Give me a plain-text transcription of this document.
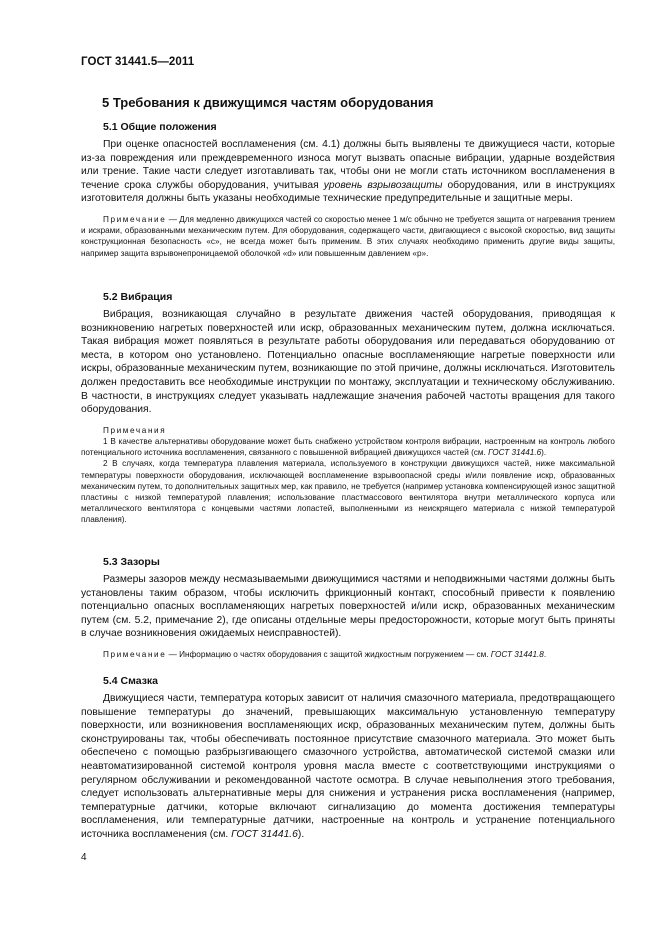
ГОСТ 31441.5—2011
5 Требования к движущимся частям оборудования
5.1 Общие положения

При оценке опасностей воспламенения (см. 4.1) должны быть выявлены те движущиеся части, которые из-за повреждения или преждевременного износа могут вызвать опасные вибрации, ударные воздействия или трение. Такие части следует изготавливать так, чтобы они не могли стать источником воспламенения в течение срока службы оборудования, учитывая уровень взрывозащиты оборудования, или в инструкциях изготовителя должны быть указаны необходимые технические предупредительные и защитные меры.

Примечание — Для медленно движущихся частей со скоростью менее 1 м/с обычно не требуется защита от нагревания трением и искрами, образованными механическим путем. Для оборудования, содержащего части, двигающиеся с высокой скоростью, вид защиты конструкционная безопасность «с», не всегда может быть применим. В этих случаях необходимо применить другие виды защиты, например защита взрывонепроницаемой оболочкой «d» или повышенным давлением «p».

5.2 Вибрация

Вибрация, возникающая случайно в результате движения частей оборудования, приводящая к возникновению нагретых поверхностей или искр, образованных механическим путем, должна исключаться. Такая вибрация может появляться в результате работы оборудования или передаваться оборудованию от места, в котором оно установлено. Потенциально опасные воспламеняющие нагретые поверхности или искры, образованные механическим путем, возникающие по этой причине, должны исключаться. Изготовитель должен предоставить все необходимые инструкции по монтажу, эксплуатации и техническому обслуживанию. В частности, в инструкциях следует указывать надлежащие значения рабочей частоты вращения для такого оборудования.

Примечания

1 В качестве альтернативы оборудование может быть снабжено устройством контроля вибрации, настроенным на контроль любого потенциального источника воспламенения, связанного с повышенной вибрацией движущихся частей (см. ГОСТ 31441.6).

2 В случаях, когда температура плавления материала, используемого в конструкции движущихся частей, ниже максимальной температуры поверхности оборудования, исключающей воспламенение взрывоопасной среды и/или появление искр, образованных механическим путем, то дополнительных защитных мер, как правило, не требуется (например установка компенсирующей износ защитной пластины с низкой температурой плавления; использование пластмассового вентилятора внутри металлического корпуса или металлического вентилятора с концевыми частями лопастей, выполненными из неискрящего материала с низкой температурой плавления).

5.3 Зазоры

Размеры зазоров между несмазываемыми движущимися частями и неподвижными частями должны быть установлены таким образом, чтобы исключить фрикционный контакт, способный привести к появлению потенциально опасных воспламеняющих нагретых поверхностей и/или искр, образованных механическим путем (см. 5.2, примечание 2), где описаны отдельные меры предосторожности, которые могут быть приняты в случае возникновения ожидаемых неисправностей).

Примечание — Информацию о частях оборудования с защитой жидкостным погружением — см. ГОСТ 31441.8.

5.4 Смазка

Движущиеся части, температура которых зависит от наличия смазочного материала, предотвращающего повышение температуры до значений, превышающих максимальную установленную температуру поверхности, или возникновения воспламеняющих искр, образованных механическим путем, должны быть сконструированы так, чтобы обеспечивать постоянное присутствие смазочного материала. Это может быть обеспечено с помощью разбрызгивающего смазочного устройства, автоматической системой смазки или неавтоматизированной системой контроля уровня масла вместе с соответствующими инструкциями о регулярном обслуживании и рекомендованной частоте осмотра. В случае невыполнения этого требования, следует использовать альтернативные меры для снижения и устранения риска воспламенения (например, температурные датчики, которые включают сигнализацию до момента достижения температуры воспламенения, или температурные датчики, настроенные на контроль и устранение потенциального источника воспламенения (см. ГОСТ 31441.6).

4
